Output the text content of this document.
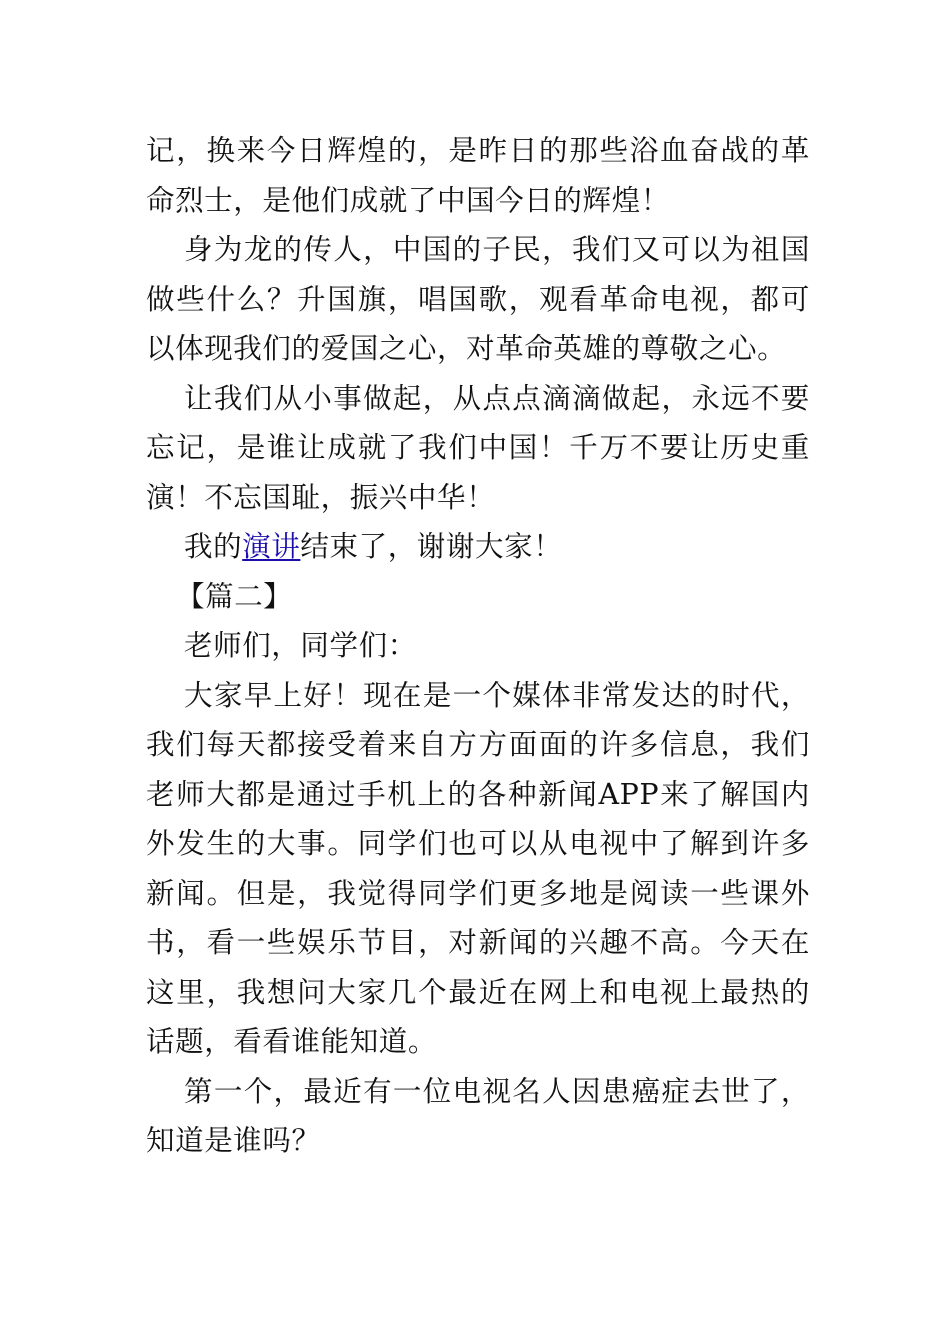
记，换来今日辉煌的，是昨日的那些浴血奋战的革命烈士，是他们成就了中国今日的辉煌！

身为龙的传人，中国的子民，我们又可以为祖国做些什么？升国旗，唱国歌，观看革命电视，都可以体现我们的爱国之心，对革命英雄的尊敬之心。

让我们从小事做起，从点点滴滴做起，永远不要忘记，是谁让成就了我们中国！千万不要让历史重演！不忘国耻，振兴中华！

我的演讲结束了，谢谢大家！

【篇二】

老师们，同学们：

大家早上好！现在是一个媒体非常发达的时代，我们每天都接受着来自方方面面的许多信息，我们老师大都是通过手机上的各种新闻APP来了解国内外发生的大事。同学们也可以从电视中了解到许多新闻。但是，我觉得同学们更多地是阅读一些课外书，看一些娱乐节目，对新闻的兴趣不高。今天在这里，我想问大家几个最近在网上和电视上最热的话题，看看谁能知道。

第一个，最近有一位电视名人因患癌症去世了，知道是谁吗？
